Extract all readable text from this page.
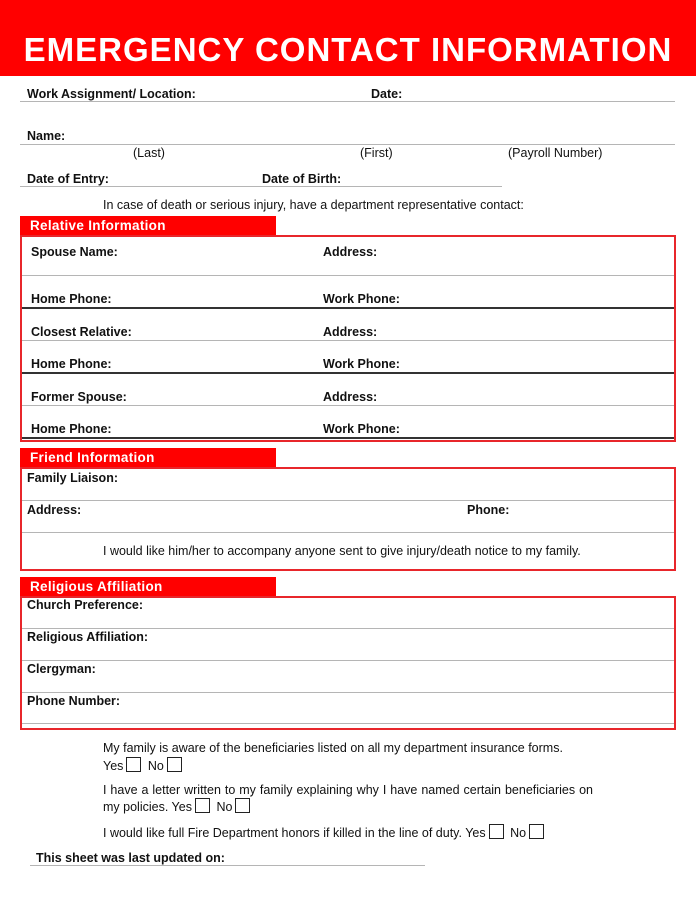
EMERGENCY CONTACT INFORMATION
Work Assignment/ Location:	Date:
Name:
(Last)	(First)	(Payroll Number)
Date of Entry:	Date of Birth:
In case of death or serious injury, have a department representative contact:
Relative Information
Spouse Name:	Address:
Home Phone:	Work Phone:
Closest Relative:	Address:
Home Phone:	Work Phone:
Former Spouse:	Address:
Home Phone:	Work Phone:
Friend Information
Family Liaison:
Address:	Phone:
I would like him/her to accompany anyone sent to give injury/death notice to my family.
Religious Affiliation
Church Preference:
Religious Affiliation:
Clergyman:
Phone Number:
My family is aware of the beneficiaries listed on all my department insurance forms.
Yes No
I have a letter written to my family explaining why I have named certain beneficiaries on my policies. Yes No
I would like full Fire Department honors if killed in the line of duty. Yes No
This sheet was last updated on:
